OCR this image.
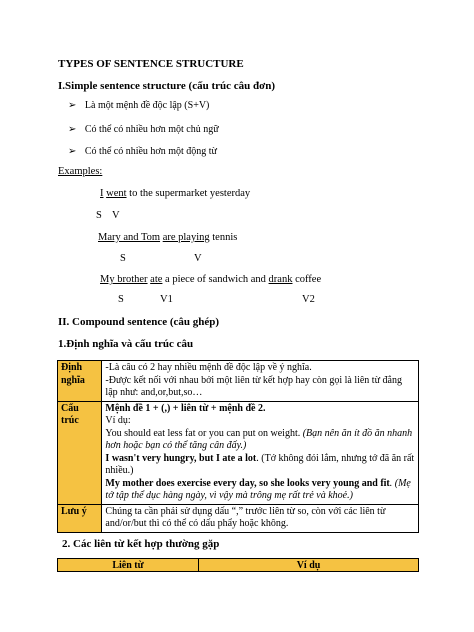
TYPES OF SENTENCE STRUCTURE
I.Simple sentence structure (cấu trúc câu đơn)
➢ Là một mệnh đề độc lập (S+V)
➢ Có thể có nhiều hơn một chủ ngữ
➢ Có thể có nhiều hơn một động từ
Examples:
I went to the supermarket yesterday
S V
Mary and Tom are playing tennis
S	V
My brother ate a piece of sandwich and drank coffee
S	V1	V2
II. Compound sentence (câu ghép)
1.Định nghĩa và cấu trúc câu
Định nghĩa	-Là câu có 2 hay nhiều mệnh đề độc lập về ý nghĩa.
-Được kết nối với nhau bởi một liên từ kết hợp hay còn gọi là liên từ đẳng lập như: and,or,but,so…

Cấu trúc	Mệnh đề 1 + (,) + liên từ + mệnh đề 2.
Ví dụ:
You should eat less fat or you can put on weight. (Bạn nên ăn ít đồ ăn nhanh hơn hoặc bạn có thể tăng cân đấy.)
I wasn't very hungry, but I ate a lot. (Tớ không đói lắm, nhưng tớ đã ăn rất nhiều.)
My mother does exercise every day, so she looks very young and fit. (Mẹ tớ tập thể dục hàng ngày, vì vậy mà trông mẹ rất trẻ và khoẻ.)

Lưu ý	Chúng ta cần phải sử dụng dấu “,” trước liên từ so, còn với các liên từ and/or/but thì có thể có dấu phẩy hoặc không.
2. Các liên từ kết hợp thường gặp
Liên từ	Ví dụ
